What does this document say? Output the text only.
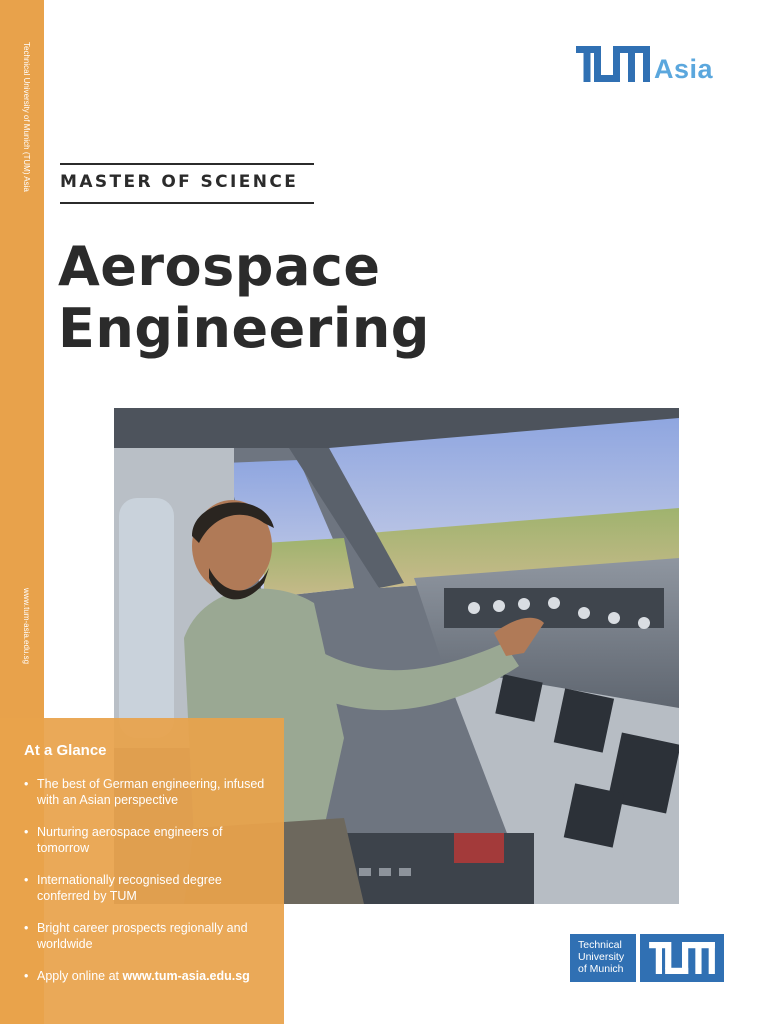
Technical University of Munich (TUM) Asia
www.tum-asia.edu.sg
Asia
MASTER OF SCIENCE
Aerospace
Engineering
At a Glance
• The best of German engineering, infused with an Asian perspective
• Nurturing aerospace engineers of tomorrow
• Internationally recognised degree conferred by TUM
• Bright career prospects regionally and worldwide
• Apply online at www.tum-asia.edu.sg
Technical
University
of Munich
